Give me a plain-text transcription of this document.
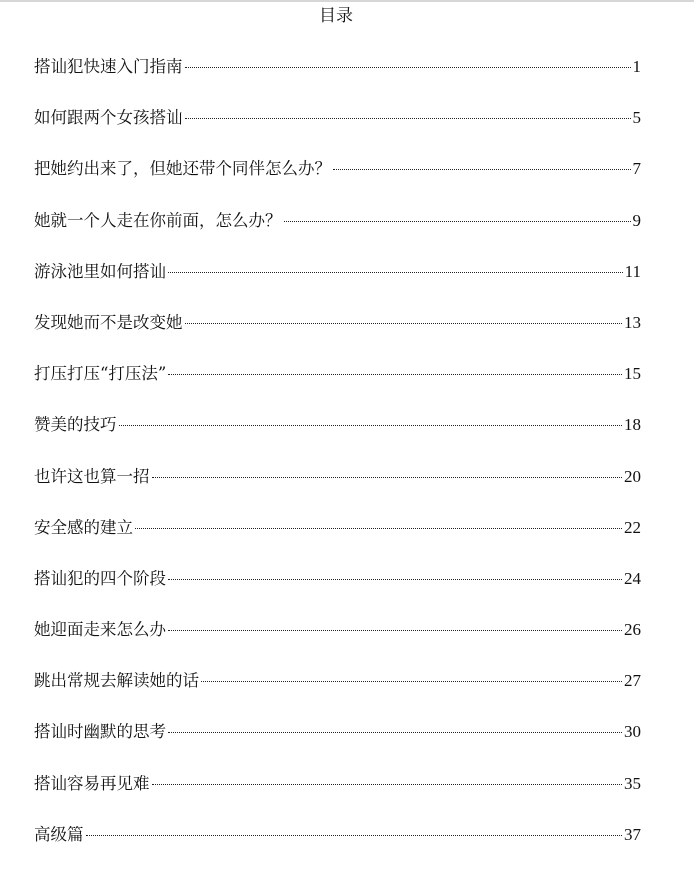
目录
搭讪犯快速入门指南	1
如何跟两个女孩搭讪	5
把她约出来了，但她还带个同伴怎么办？	7
她就一个人走在你前面，怎么办？	9
游泳池里如何搭讪	11
发现她而不是改变她	13
打压打压“打压法”	15
赞美的技巧	18
也许这也算一招	20
安全感的建立	22
搭讪犯的四个阶段	24
她迎面走来怎么办	26
跳出常规去解读她的话	27
搭讪时幽默的思考	30
搭讪容易再见难	35
高级篇	37
